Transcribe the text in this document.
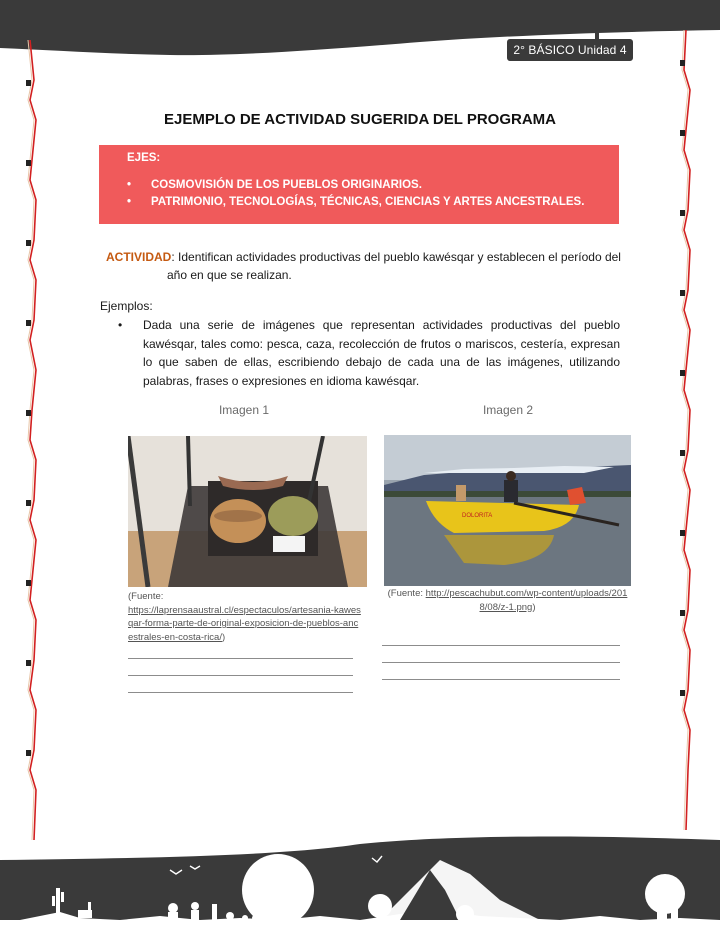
2° BÁSICO Unidad 4
EJEMPLO DE ACTIVIDAD SUGERIDA DEL PROGRAMA
EJES:
•	COSMOVISIÓN DE LOS PUEBLOS ORIGINARIOS.
•	PATRIMONIO, TECNOLOGÍAS, TÉCNICAS, CIENCIAS Y ARTES ANCESTRALES.
ACTIVIDAD: Identifican actividades productivas del pueblo kawésqar y establecen el período del
año en que se realizan.
Ejemplos:
•	Dada una serie de imágenes que representan actividades productivas del pueblo kawésqar, tales como: pesca, caza, recolección de frutos o mariscos, cestería, expresan lo que saben de ellas, escribiendo debajo de cada una de las imágenes, utilizando palabras, frases o expresiones en idioma kawésqar.
Imagen 1	Imagen 2
DOLORITA
(Fuente:
https://laprensaaustral.cl/espectaculos/artesania-kawesqar-forma-parte-de-original-exposicion-de-pueblos-ancestrales-en-costa-rica/)
(Fuente: http://pescachubut.com/wp-content/uploads/2018/08/z-1.png)
